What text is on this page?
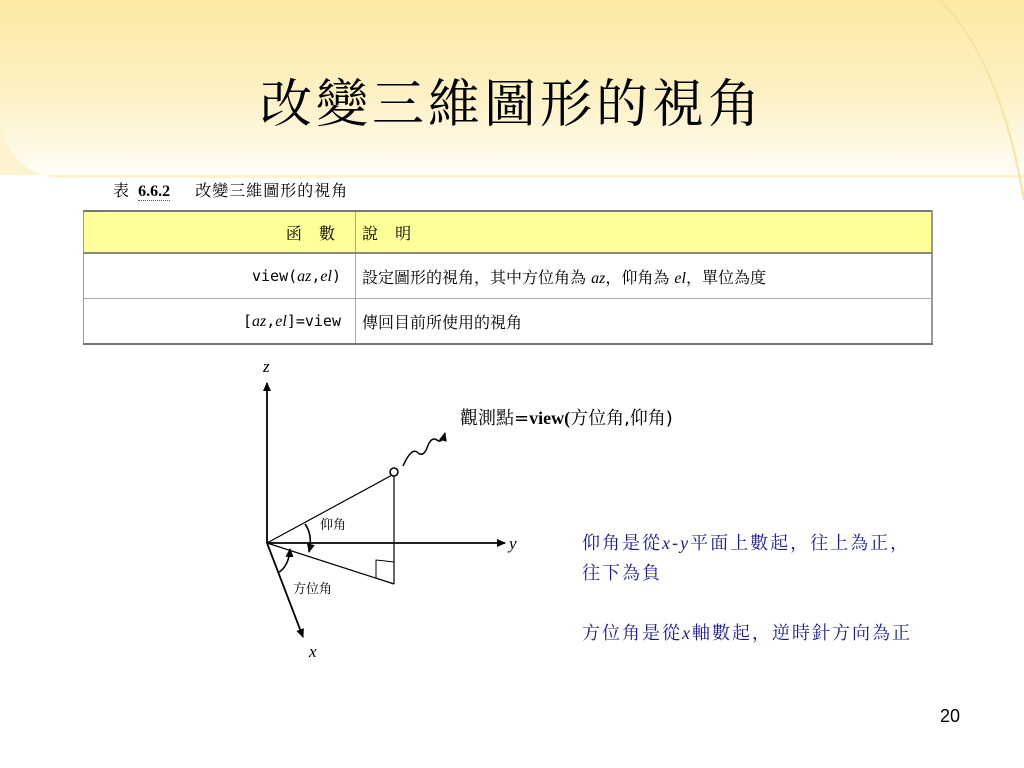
改變三維圖形的視角
表 6.6.2 改變三維圖形的視角
函 數	說 明
view(az,el)	設定圖形的視角，其中方位角為 az，仰角為 el，單位為度
[az,el]=view	傳回目前所使用的視角
z
y
x
仰角
方位角
觀測點=view(方位角,仰角)
仰角是從x-y平面上數起，往上為正，往下為負
方位角是從x軸數起，逆時針方向為正
20
